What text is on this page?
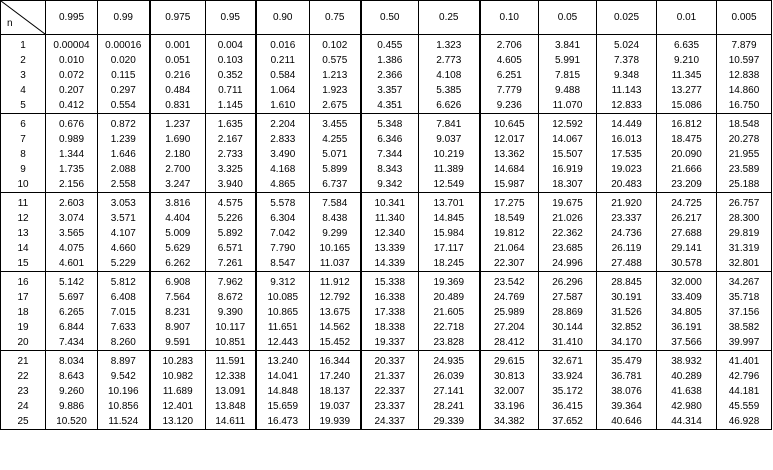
n	0.995	0.99	0.975	0.95	0.90	0.75	0.50	0.25	0.10	0.05	0.025	0.01	0.005
1	0.00004	0.00016	0.001	0.004	0.016	0.102	0.455	1.323	2.706	3.841	5.024	6.635	7.879
2	0.010	0.020	0.051	0.103	0.211	0.575	1.386	2.773	4.605	5.991	7.378	9.210	10.597
3	0.072	0.115	0.216	0.352	0.584	1.213	2.366	4.108	6.251	7.815	9.348	11.345	12.838
4	0.207	0.297	0.484	0.711	1.064	1.923	3.357	5.385	7.779	9.488	11.143	13.277	14.860
5	0.412	0.554	0.831	1.145	1.610	2.675	4.351	6.626	9.236	11.070	12.833	15.086	16.750
6	0.676	0.872	1.237	1.635	2.204	3.455	5.348	7.841	10.645	12.592	14.449	16.812	18.548
7	0.989	1.239	1.690	2.167	2.833	4.255	6.346	9.037	12.017	14.067	16.013	18.475	20.278
8	1.344	1.646	2.180	2.733	3.490	5.071	7.344	10.219	13.362	15.507	17.535	20.090	21.955
9	1.735	2.088	2.700	3.325	4.168	5.899	8.343	11.389	14.684	16.919	19.023	21.666	23.589
10	2.156	2.558	3.247	3.940	4.865	6.737	9.342	12.549	15.987	18.307	20.483	23.209	25.188
11	2.603	3.053	3.816	4.575	5.578	7.584	10.341	13.701	17.275	19.675	21.920	24.725	26.757
12	3.074	3.571	4.404	5.226	6.304	8.438	11.340	14.845	18.549	21.026	23.337	26.217	28.300
13	3.565	4.107	5.009	5.892	7.042	9.299	12.340	15.984	19.812	22.362	24.736	27.688	29.819
14	4.075	4.660	5.629	6.571	7.790	10.165	13.339	17.117	21.064	23.685	26.119	29.141	31.319
15	4.601	5.229	6.262	7.261	8.547	11.037	14.339	18.245	22.307	24.996	27.488	30.578	32.801
16	5.142	5.812	6.908	7.962	9.312	11.912	15.338	19.369	23.542	26.296	28.845	32.000	34.267
17	5.697	6.408	7.564	8.672	10.085	12.792	16.338	20.489	24.769	27.587	30.191	33.409	35.718
18	6.265	7.015	8.231	9.390	10.865	13.675	17.338	21.605	25.989	28.869	31.526	34.805	37.156
19	6.844	7.633	8.907	10.117	11.651	14.562	18.338	22.718	27.204	30.144	32.852	36.191	38.582
20	7.434	8.260	9.591	10.851	12.443	15.452	19.337	23.828	28.412	31.410	34.170	37.566	39.997
21	8.034	8.897	10.283	11.591	13.240	16.344	20.337	24.935	29.615	32.671	35.479	38.932	41.401
22	8.643	9.542	10.982	12.338	14.041	17.240	21.337	26.039	30.813	33.924	36.781	40.289	42.796
23	9.260	10.196	11.689	13.091	14.848	18.137	22.337	27.141	32.007	35.172	38.076	41.638	44.181
24	9.886	10.856	12.401	13.848	15.659	19.037	23.337	28.241	33.196	36.415	39.364	42.980	45.559
25	10.520	11.524	13.120	14.611	16.473	19.939	24.337	29.339	34.382	37.652	40.646	44.314	46.928
